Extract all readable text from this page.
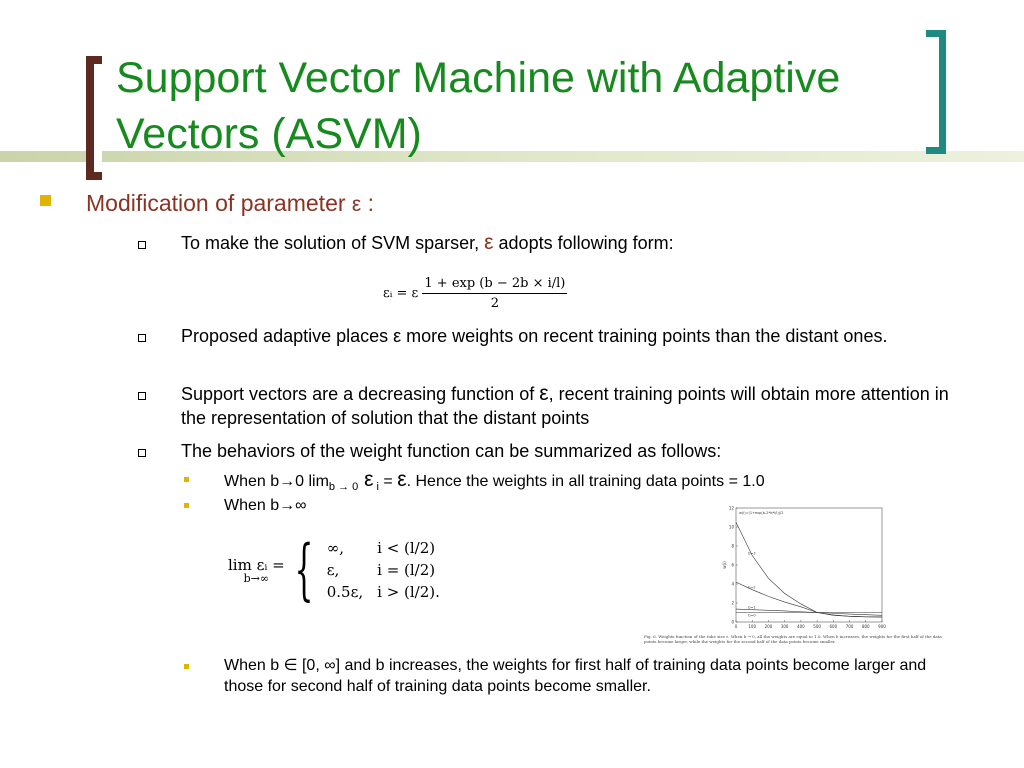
Support Vector Machine with Adaptive Vectors (ASVM)
Modification of parameter ε :
To make the solution of SVM sparser, ε adopts following form:
εᵢ = ε $\frac{1 + \exp (b - 2b \times i/l)}{2}$
Proposed adaptive places ε more weights on recent training points than the distant ones.
Support vectors are a decreasing function of ε, recent training points will obtain more attention in the representation of solution that the distant points
The behaviors of the weight function can be summarized as follows:
When b→0 $\lim_{b \to 0} \varepsilon$ $_i$ = ε. Hence the weights in all training data points = 1.0
When b→∞
lim εᵢ =
b→∞ { ∞,	i < (l/2)
ε,	i = (l/2)
0.5ε,	i > (l/2).
0	100 200 300 400 500 600 700 800 900
0
2
4
6
8
10
12
w(i)
w(i)=(1+exp(b-2*b*i/l))/2
b=0
b=1
b=2
b=3
Fig. 6. Weights function of the tube size ε. When b → 0, all the weights are equal to 1.0. When b increases, the weights for the first half of the data points become larger, while the weights for the second half of the data points become smaller.
When b ∈ [0, ∞] and b increases, the weights for first half of training data points become larger and those for second half of training data points become smaller.
